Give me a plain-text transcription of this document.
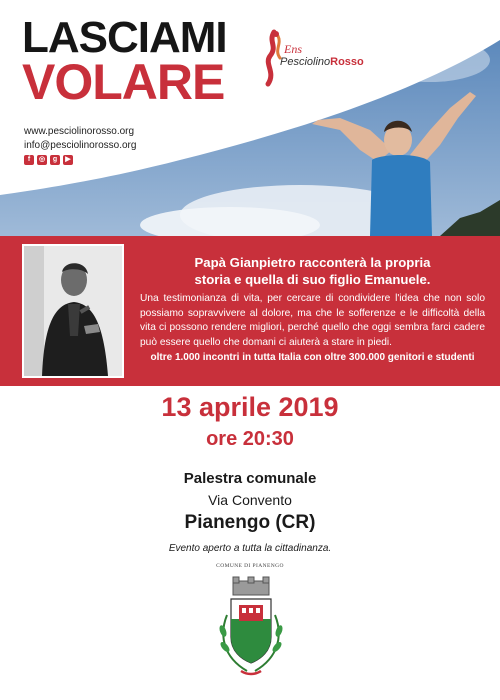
LASCIAMI
VOLARE
Ens
PesciolinoRosso
www.pesciolinorosso.org
info@pesciolinorosso.org
f	◎	g	▶
Papà Gianpietro racconterà la propria
storia e quella di suo figlio Emanuele.
Una testimonianza di vita, per cercare di condividere l'idea che non solo possiamo sopravvivere al dolore, ma che le sofferenze e le difficoltà della vita ci possono rendere migliori, perché quello che oggi sembra farci cadere può essere quello che domani ci aiuterà a stare in piedi.
oltre 1.000 incontri in tutta Italia con oltre 300.000 genitori e studenti
13 aprile 2019
ore 20:30
Palestra comunale
Via Convento
Pianengo (CR)
Evento aperto a tutta la cittadinanza.
COMUNE DI PIANENGO
